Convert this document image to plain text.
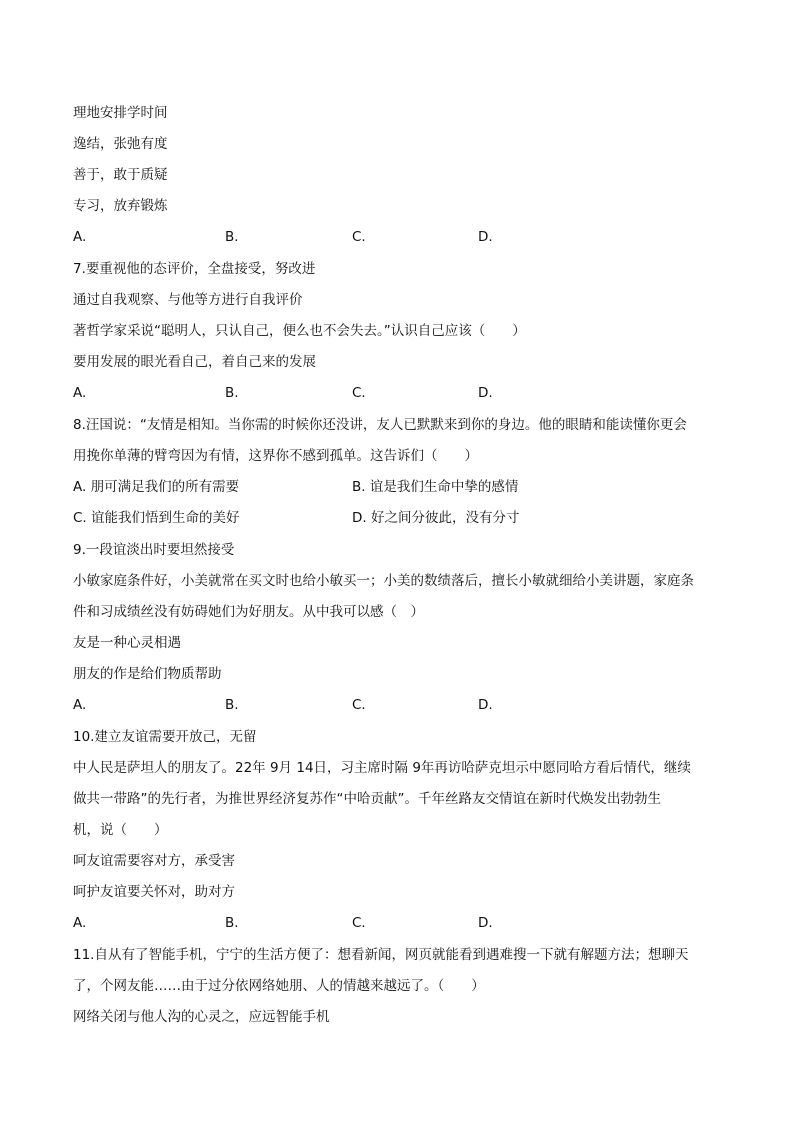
理地安排学时间
逸结，张弛有度
善于，敢于质疑
专习，放弃锻炼
A.	B.	C.	D.
7.要重视他的态评价，全盘接受，努改进
通过自我观察、与他等方进行自我评价
著哲学家采说“聪明人，只认自己，便么也不会失去。”认识自己应该（　　）
要用发展的眼光看自己，着自己来的发展
A.	B.	C.	D.
8.汪国说：“友情是相知。当你需的时候你还没讲，友人已默默来到你的身边。他的眼睛和能读懂你更会
用挽你单薄的臂弯因为有情，这界你不感到孤单。这告诉们（　　）
A. 朋可满足我们的所有需要	B. 谊是我们生命中挚的感情
C. 谊能我们悟到生命的美好	D. 好之间分彼此，没有分寸
9.一段谊淡出时要坦然接受
小敏家庭条件好，小美就常在买文时也给小敏买一；小美的数绩落后，擅长小敏就细给小美讲题，家庭条
件和习成绩丝没有妨碍她们为好朋友。从中我可以感（　）
友是一种心灵相遇
朋友的作是给们物质帮助
A.	B.	C.	D.
10.建立友谊需要开放己，无留
中人民是萨坦人的朋友了。22年 9月 14日，习主席时隔 9年再访哈萨克坦示中愿同哈方看后情代，继续
做共一带路”的先行者，为推世界经济复苏作“中哈贡献”。千年丝路友交情谊在新时代焕发出勃勃生
机，说（　　）
呵友谊需要容对方，承受害
呵护友谊要关怀对，助对方
A.	B.	C.	D.
11.自从有了智能手机，宁宁的生活方便了：想看新闻，网页就能看到遇难搜一下就有解题方法；想聊天
了，个网友能……由于过分依网络她朋、人的情越来越远了。（　　）
网络关闭与他人沟的心灵之，应远智能手机
